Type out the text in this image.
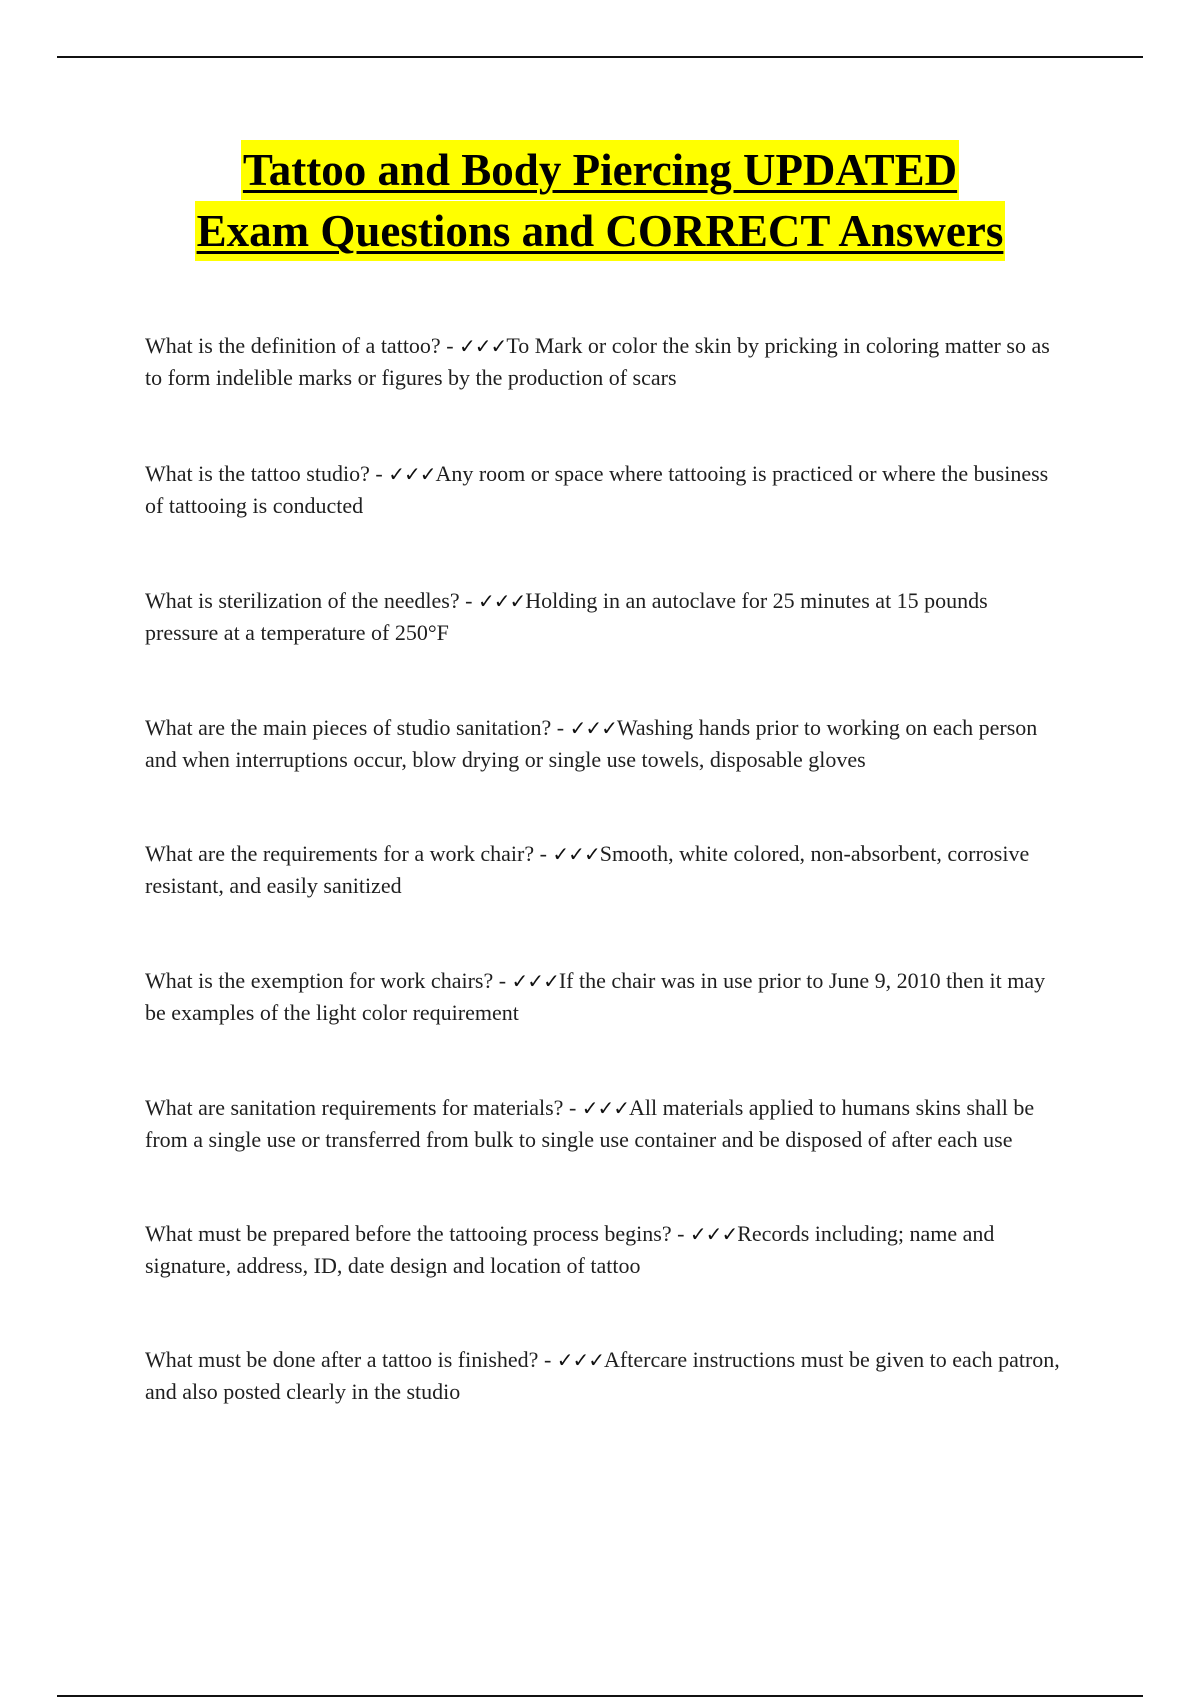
Tattoo and Body Piercing UPDATED
Exam Questions and CORRECT Answers
What is the definition of a tattoo? - ✓✓✓To Mark or color the skin by pricking in coloring matter so as to form indelible marks or figures by the production of scars
What is the tattoo studio? - ✓✓✓Any room or space where tattooing is practiced or where the business of tattooing is conducted
What is sterilization of the needles? - ✓✓✓Holding in an autoclave for 25 minutes at 15 pounds pressure at a temperature of 250°F
What are the main pieces of studio sanitation? - ✓✓✓Washing hands prior to working on each person and when interruptions occur, blow drying or single use towels, disposable gloves
What are the requirements for a work chair? - ✓✓✓Smooth, white colored, non-absorbent, corrosive resistant, and easily sanitized
What is the exemption for work chairs? - ✓✓✓If the chair was in use prior to June 9, 2010 then it may be examples of the light color requirement
What are sanitation requirements for materials? - ✓✓✓All materials applied to humans skins shall be from a single use or transferred from bulk to single use container and be disposed of after each use
What must be prepared before the tattooing process begins? - ✓✓✓Records including; name and signature, address, ID, date design and location of tattoo
What must be done after a tattoo is finished? - ✓✓✓Aftercare instructions must be given to each patron, and also posted clearly in the studio
